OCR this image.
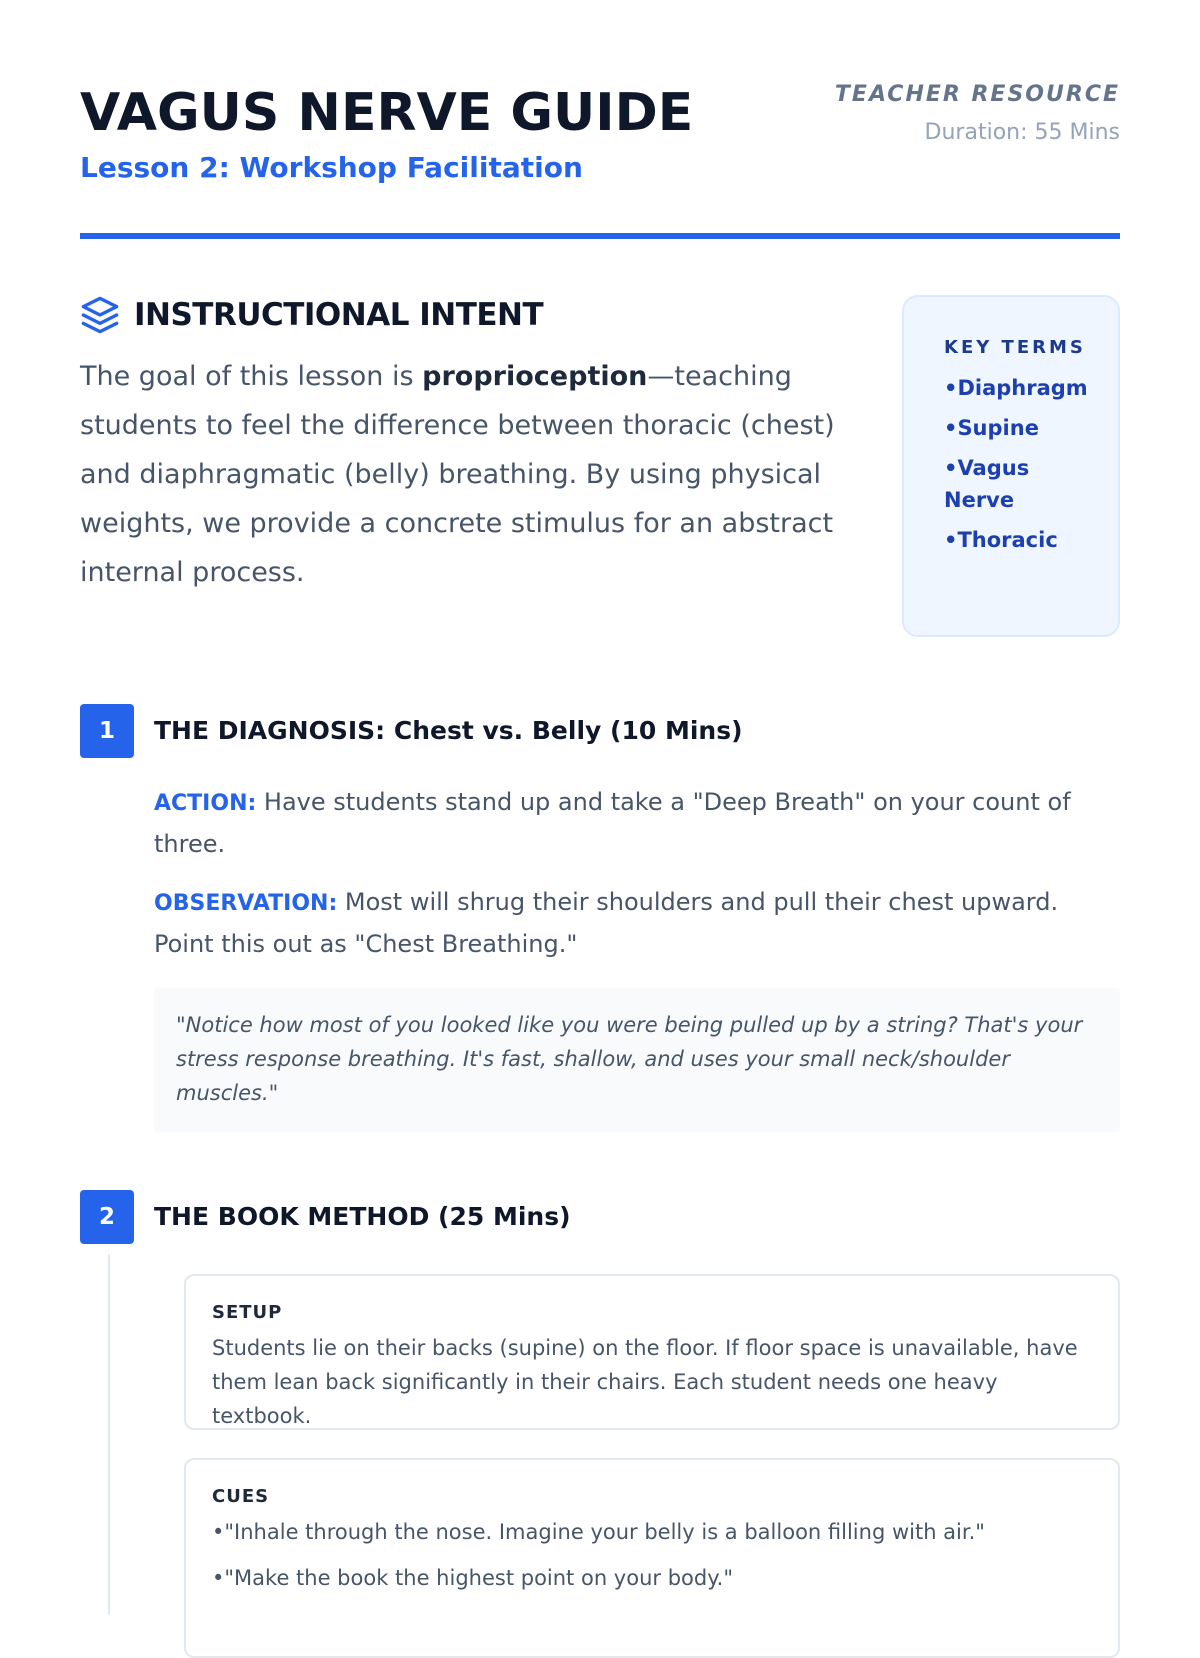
VAGUS NERVE GUIDE
Lesson 2: Workshop Facilitation
TEACHER RESOURCE
Duration: 55 Mins
INSTRUCTIONAL INTENT

The goal of this lesson is proprioception—teaching students to feel the difference between thoracic (chest) and diaphragmatic (belly) breathing. By using physical weights, we provide a concrete stimulus for an abstract internal process.

KEY TERMS
• Diaphragm
• Supine
• Vagus Nerve
• Thoracic
1	THE DIAGNOSIS: Chest vs. Belly (10 Mins)

ACTION: Have students stand up and take a "Deep Breath" on your count of three.

OBSERVATION: Most will shrug their shoulders and pull their chest upward. Point this out as "Chest Breathing."

"Notice how most of you looked like you were being pulled up by a string? That's your stress response breathing. It's fast, shallow, and uses your small neck/shoulder muscles."
2	THE BOOK METHOD (25 Mins)
SETUP

Students lie on their backs (supine) on the floor. If floor space is unavailable, have them lean back significantly in their chairs. Each student needs one heavy textbook.

CUES
• "Inhale through the nose. Imagine your belly is a balloon filling with air."
• "Make the book the highest point on your body."
